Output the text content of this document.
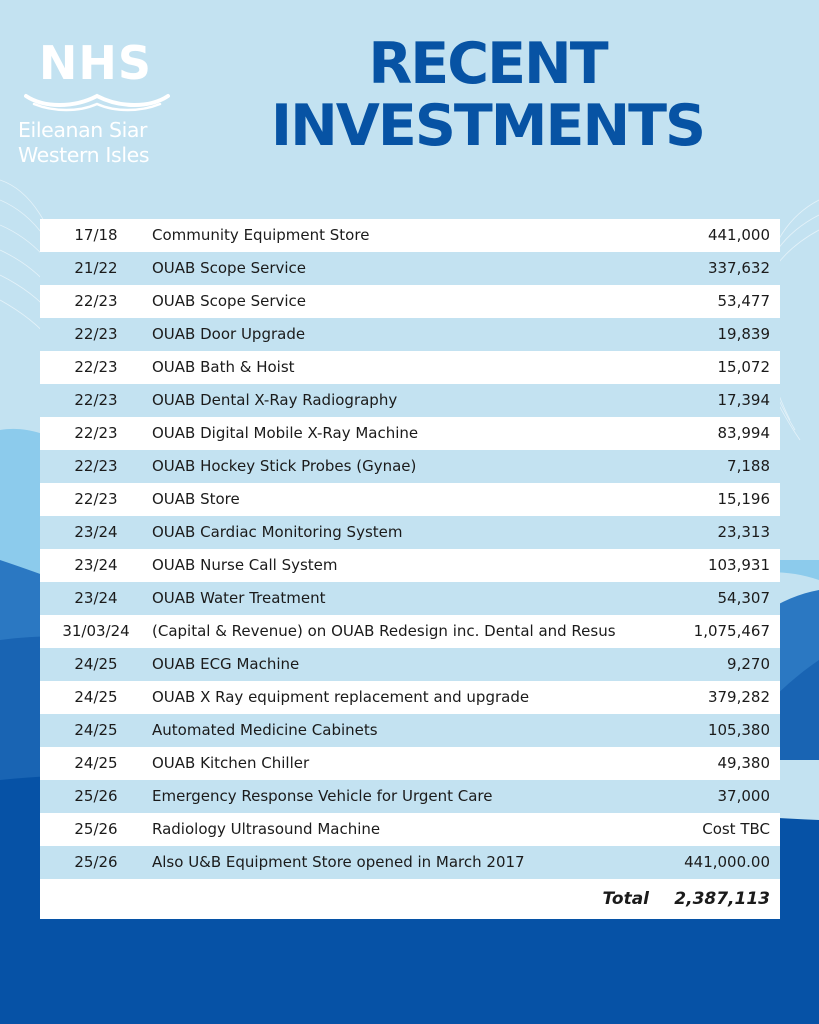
NHS
Eileanan Siar
Western Isles
RECENT
INVESTMENTS
17/18	Community Equipment Store	441,000
21/22	OUAB Scope Service	337,632
22/23	OUAB Scope Service	53,477
22/23	OUAB Door Upgrade	19,839
22/23	OUAB Bath & Hoist	15,072
22/23	OUAB Dental X-Ray Radiography	17,394
22/23	OUAB Digital Mobile X-Ray Machine	83,994
22/23	OUAB Hockey Stick Probes (Gynae)	7,188
22/23	OUAB Store	15,196
23/24	OUAB Cardiac Monitoring System	23,313
23/24	OUAB Nurse Call System	103,931
23/24	OUAB Water Treatment	54,307
31/03/24	(Capital & Revenue) on OUAB Redesign inc. Dental and Resus	1,075,467
24/25	OUAB ECG Machine	9,270
24/25	OUAB X Ray equipment replacement and upgrade	379,282
24/25	Automated Medicine Cabinets	105,380
24/25	OUAB Kitchen Chiller	49,380
25/26	Emergency Response Vehicle for Urgent Care	37,000
25/26	Radiology Ultrasound Machine	Cost TBC
25/26	Also U&B Equipment Store opened in March 2017	441,000.00
Total 2,387,113
